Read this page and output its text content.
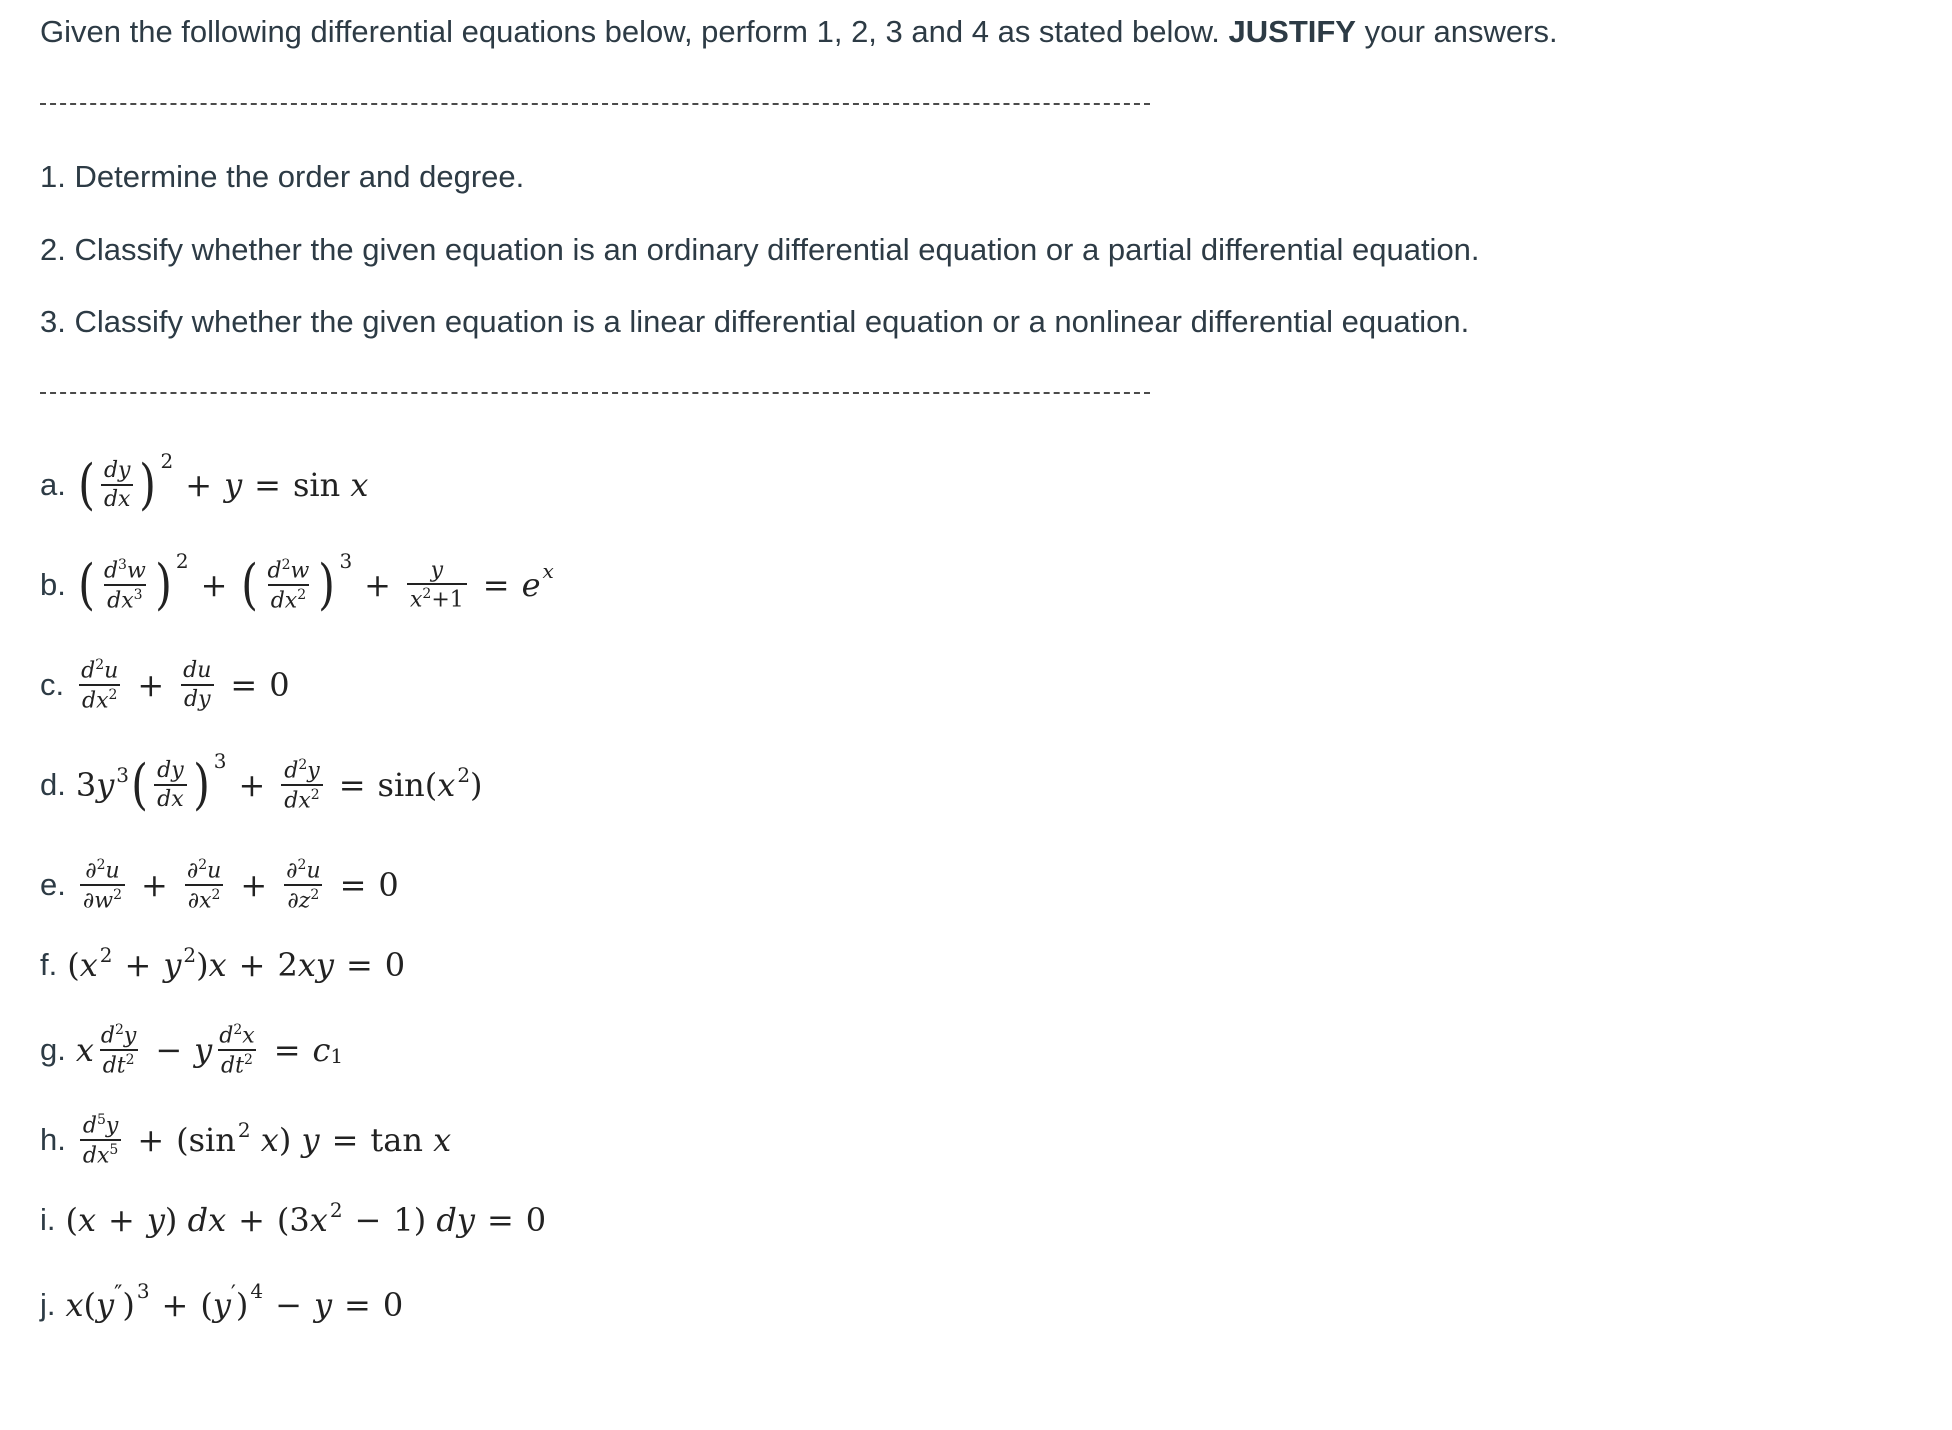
Given the following differential equations below, perform 1, 2, 3 and 4 as stated below. JUSTIFY your answers.
1. Determine the order and degree.
2. Classify whether the given equation is an ordinary differential equation or a partial differential equation.
3. Classify whether the given equation is a linear differential equation or a nonlinear differential equation.
a. ( $\frac{dy}{dx}$ ) 2
+ y = sin x
b. ( $\frac{d^3w}{dx^3}$ ) 2
+ ( $\frac{d^2w}{dx^2}$ ) 3
+ $\frac{y}{x^2+1} = e$ x
c. $\frac{d^2u}{dx^2} + \frac{du}{dy} = 0$
d. 3 y 3 ( $\frac{dy}{dx}$ ) 3
+ $\frac{d^2y}{dx^2} = \sin$( x 2 )
e. $\frac{\partial^2u}{\partial w^2} + \frac{\partial^2u}{\partial x^2} + \frac{\partial^2u}{\partial z^2} = 0$
f. ( x 2 + y 2 ) x + 2 xy = 0
g. x $\frac{d^2y}{dt^2} - y \frac{d^2x}{dt^2} = c$ 1
h. $\frac{d^5y}{dx^5} + (\sin$ 2
x ) y = tan x
i. ( x + y ) dx + (3 x 2 − 1) dy = 0
j. x ( y ″ ) 3 + ( y ′ ) 4 − y = 0
